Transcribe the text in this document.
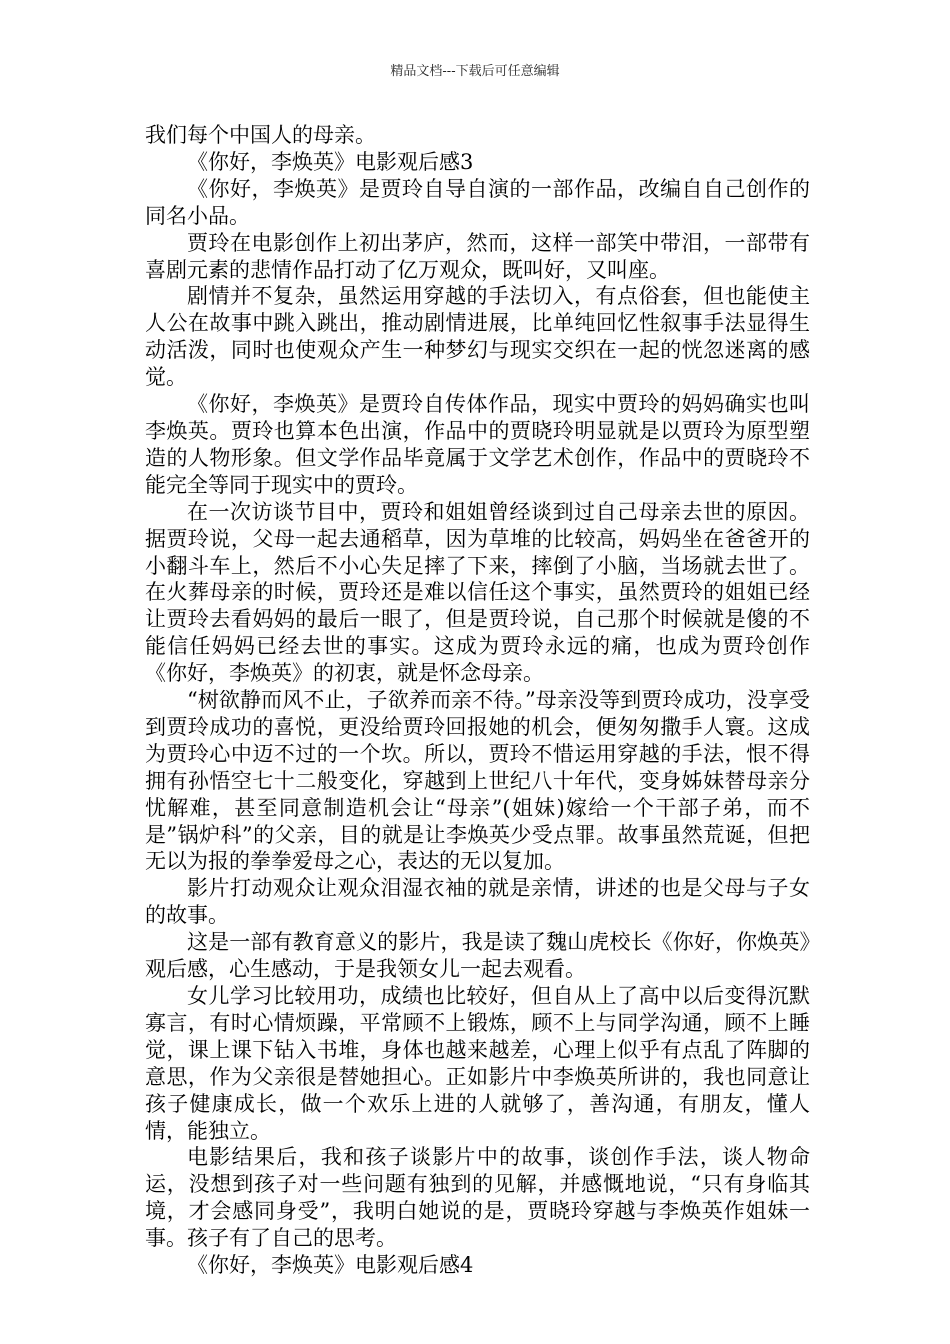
精品文档---下载后可任意编辑

我们每个中国人的母亲。

《你好，李焕英》电影观后感3

《你好，李焕英》是贾玲自导自演的一部作品，改编自自己创作的同名小品。

贾玲在电影创作上初出茅庐，然而，这样一部笑中带泪，一部带有喜剧元素的悲情作品打动了亿万观众，既叫好，又叫座。

剧情并不复杂，虽然运用穿越的手法切入，有点俗套，但也能使主人公在故事中跳入跳出，推动剧情进展，比单纯回忆性叙事手法显得生动活泼，同时也使观众产生一种梦幻与现实交织在一起的恍忽迷离的感觉。

《你好，李焕英》是贾玲自传体作品，现实中贾玲的妈妈确实也叫李焕英。贾玲也算本色出演，作品中的贾晓玲明显就是以贾玲为原型塑造的人物形象。但文学作品毕竟属于文学艺术创作，作品中的贾晓玲不能完全等同于现实中的贾玲。

在一次访谈节目中，贾玲和姐姐曾经谈到过自己母亲去世的原因。据贾玲说，父母一起去通稻草，因为草堆的比较高，妈妈坐在爸爸开的小翻斗车上，然后不小心失足摔了下来，摔倒了小脑，当场就去世了。在火葬母亲的时候，贾玲还是难以信任这个事实，虽然贾玲的姐姐已经让贾玲去看妈妈的最后一眼了，但是贾玲说，自己那个时候就是傻的不能信任妈妈已经去世的事实。这成为贾玲永远的痛，也成为贾玲创作《你好，李焕英》的初衷，就是怀念母亲。

“树欲静而风不止，子欲养而亲不待。”母亲没等到贾玲成功，没享受到贾玲成功的喜悦，更没给贾玲回报她的机会，便匆匆撒手人寰。这成为贾玲心中迈不过的一个坎。所以，贾玲不惜运用穿越的手法，恨不得拥有孙悟空七十二般变化，穿越到上世纪八十年代，变身姊妹替母亲分忧解难，甚至同意制造机会让“母亲”(姐妹)嫁给一个干部子弟，而不是”锅炉科”的父亲，目的就是让李焕英少受点罪。故事虽然荒诞，但把无以为报的拳拳爱母之心，表达的无以复加。

影片打动观众让观众泪湿衣袖的就是亲情，讲述的也是父母与子女的故事。

这是一部有教育意义的影片，我是读了魏山虎校长《你好，你焕英》观后感，心生感动，于是我领女儿一起去观看。

女儿学习比较用功，成绩也比较好，但自从上了高中以后变得沉默寡言，有时心情烦躁，平常顾不上锻炼，顾不上与同学沟通，顾不上睡觉，课上课下钻入书堆，身体也越来越差，心理上似乎有点乱了阵脚的意思，作为父亲很是替她担心。正如影片中李焕英所讲的，我也同意让孩子健康成长，做一个欢乐上进的人就够了，善沟通，有朋友，懂人情，能独立。

电影结果后，我和孩子谈影片中的故事，谈创作手法，谈人物命运，没想到孩子对一些问题有独到的见解，并感慨地说，“只有身临其境，才会感同身受”，我明白她说的是，贾晓玲穿越与李焕英作姐妹一事。孩子有了自己的思考。

《你好，李焕英》电影观后感4
